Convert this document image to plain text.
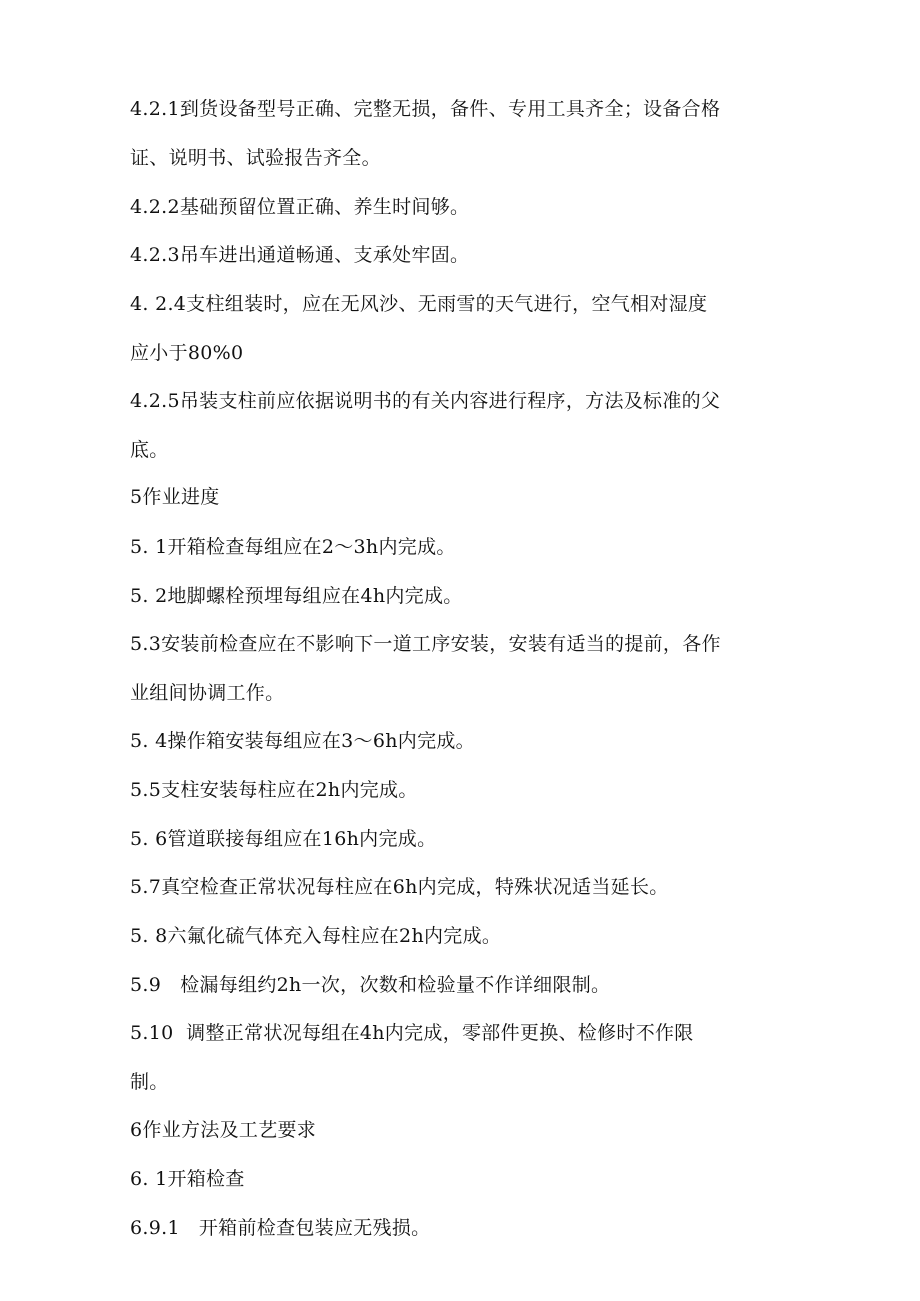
4.2.1到货设备型号正确、完整无损，备件、专用工具齐全；设备合格
证、说明书、试验报告齐全。
4.2.2基础预留位置正确、养生时间够。
4.2.3吊车进出通道畅通、支承处牢固。
4. 2.4支柱组装时，应在无风沙、无雨雪的天气进行，空气相对湿度
应小于80%0
4.2.5吊装支柱前应依据说明书的有关内容进行程序，方法及标准的父
底。
5作业进度
5. 1开箱检查每组应在2～3h内完成。
5. 2地脚螺栓预埋每组应在4h内完成。
5.3安装前检查应在不影响下一道工序安装，安装有适当的提前，各作
业组间协调工作。
5. 4操作箱安装每组应在3～6h内完成。
5.5支柱安装每柱应在2h内完成。
5. 6管道联接每组应在16h内完成。
5.7真空检查正常状况每柱应在6h内完成，特殊状况适当延长。
5. 8六氟化硫气体充入每柱应在2h内完成。
5.9   检漏每组约2h一次，次数和检验量不作详细限制。
5.10  调整正常状况每组在4h内完成，零部件更换、检修时不作限
制。
6作业方法及工艺要求
6. 1开箱检查
6.9.1   开箱前检查包装应无残损。
